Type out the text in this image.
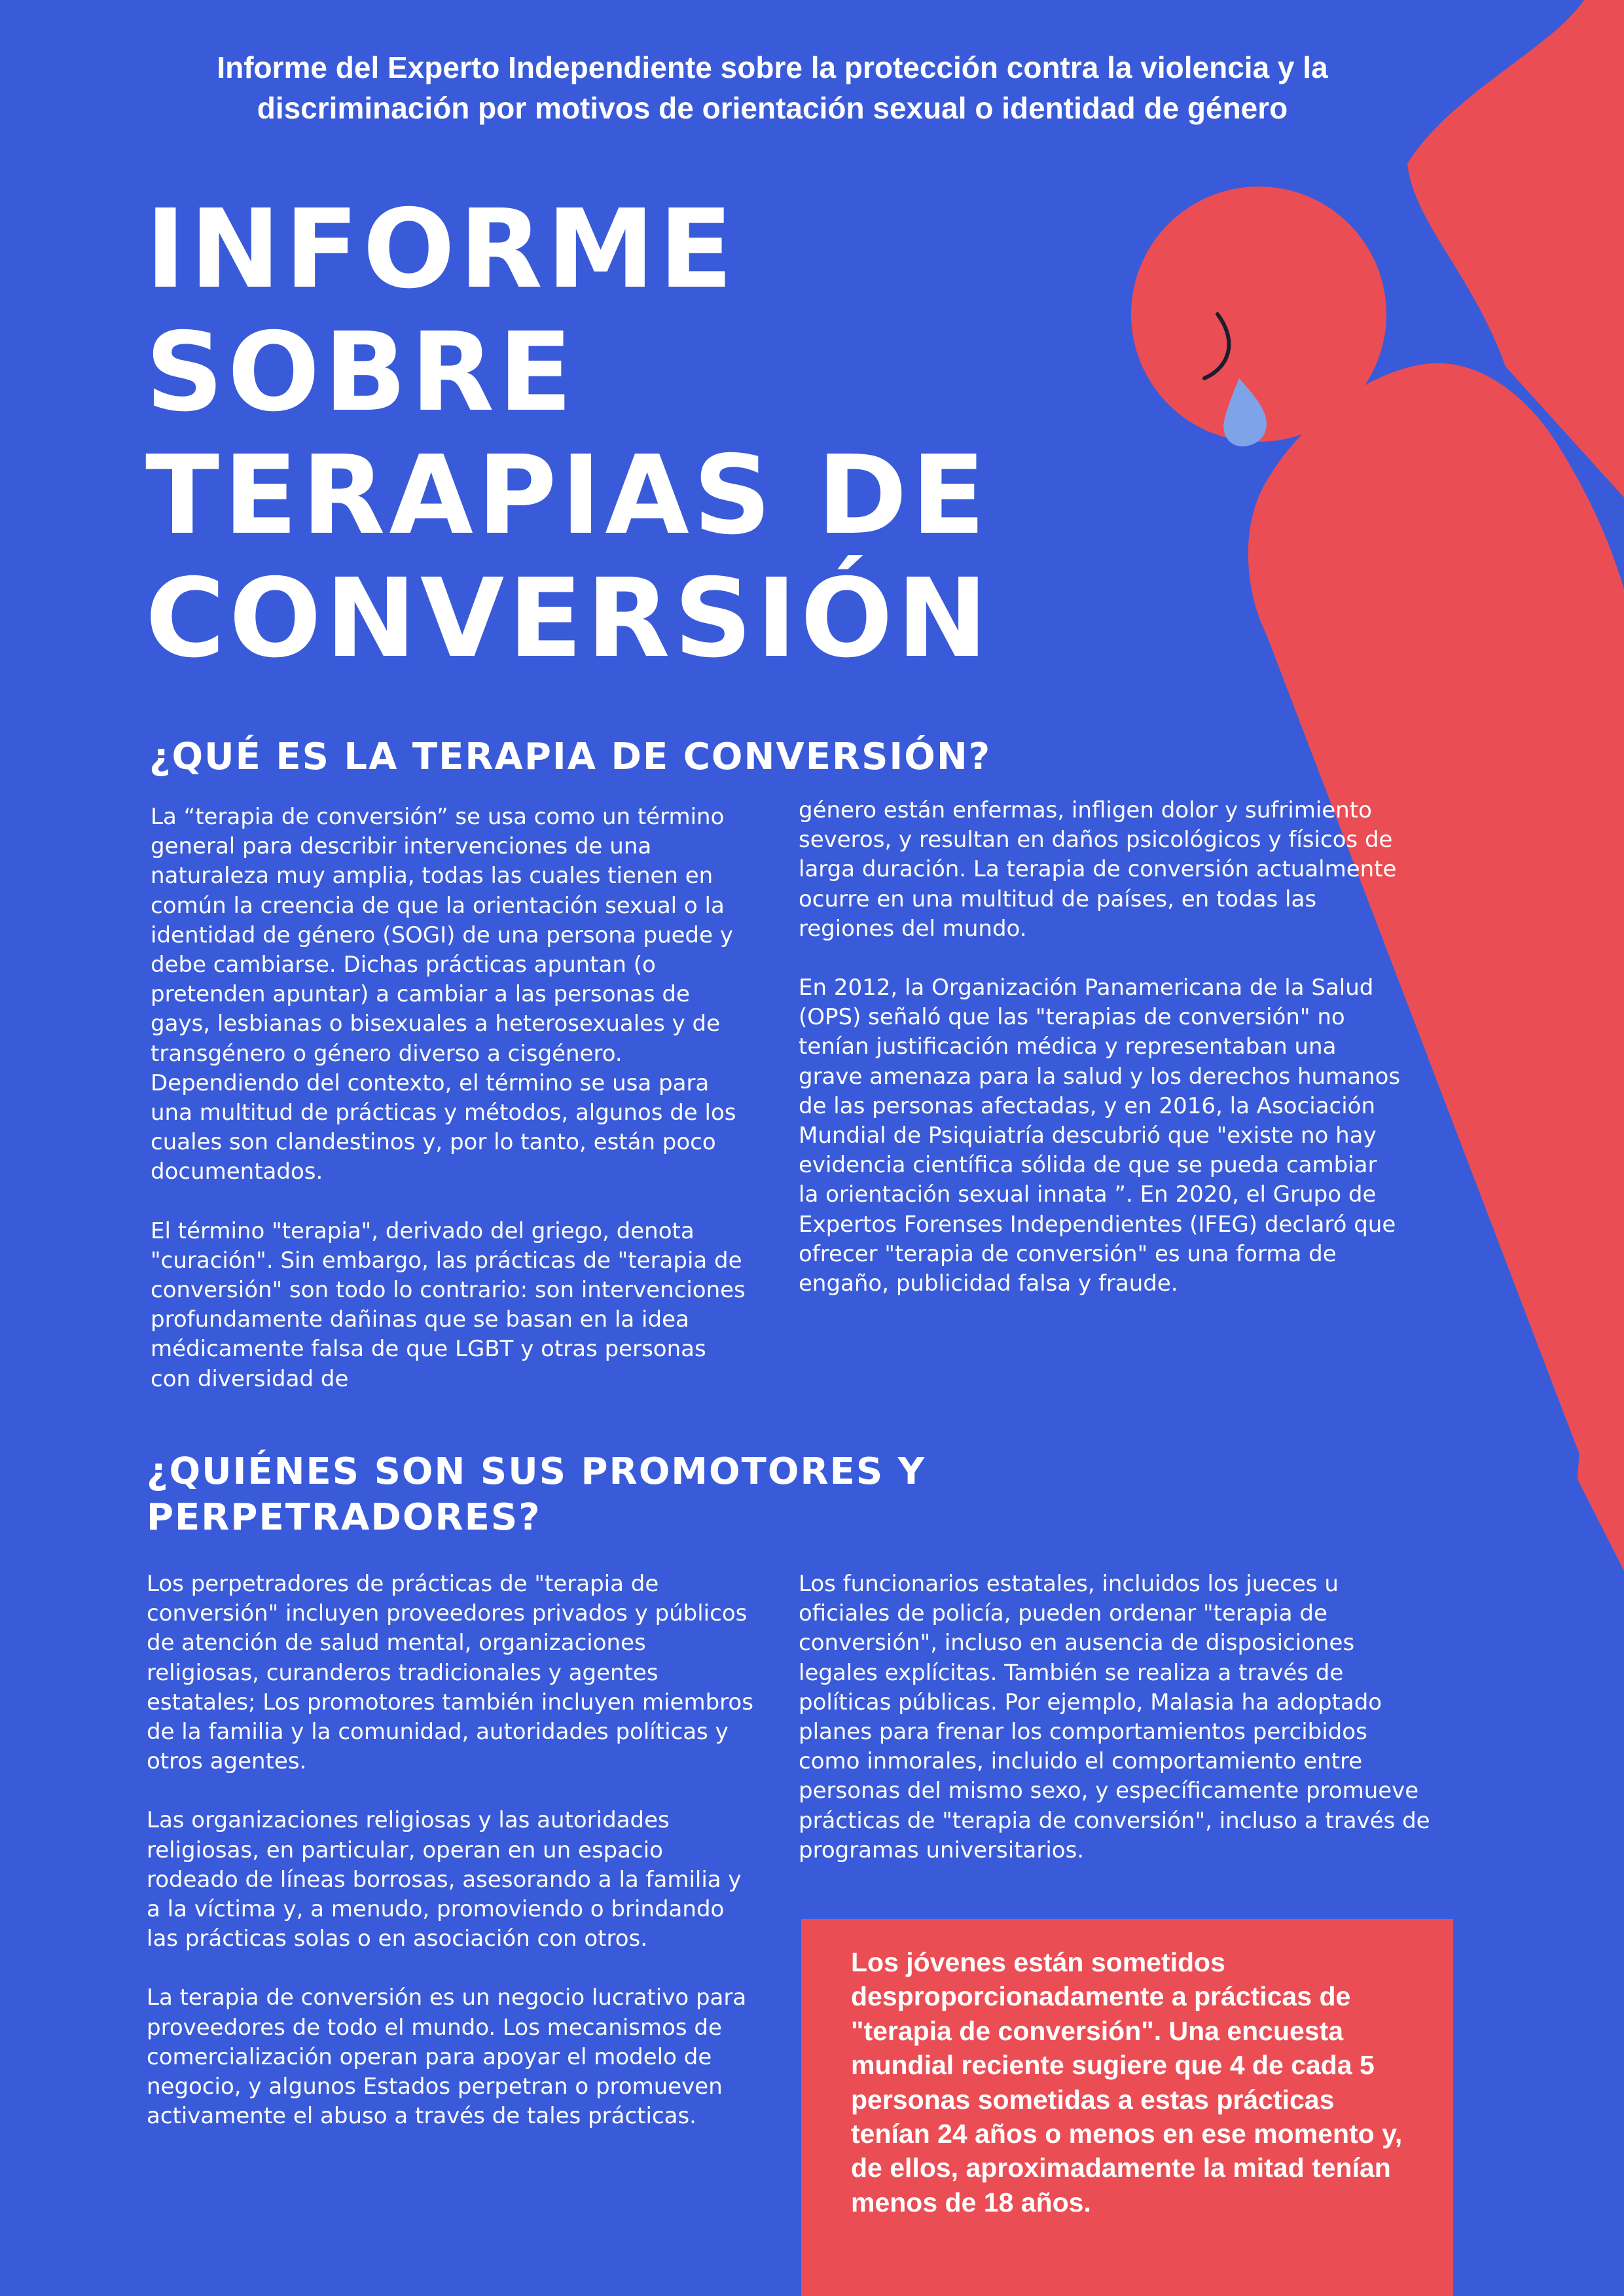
Informe del Experto Independiente sobre la protección contra la violencia y la
discriminación por motivos de orientación sexual o identidad de género
INFORME
SOBRE
TERAPIAS DE
CONVERSIÓN
¿QUÉ ES LA TERAPIA DE CONVERSIÓN?

La “terapia de conversión” se usa como un término general para describir intervenciones de una naturaleza muy amplia, todas las cuales tienen en común la creencia de que la orientación sexual o la identidad de género (SOGI) de una persona puede y debe cambiarse. Dichas prácticas apuntan (o pretenden apuntar) a cambiar a las personas de gays, lesbianas o bisexuales a heterosexuales y de transgénero o género diverso a cisgénero. Dependiendo del contexto, el término se usa para una multitud de prácticas y métodos, algunos de los cuales son clandestinos y, por lo tanto, están poco documentados.

El término "terapia", derivado del griego, denota "curación". Sin embargo, las prácticas de "terapia de conversión" son todo lo contrario: son intervenciones profundamente dañinas que se basan en la idea médicamente falsa de que LGBT y otras personas con diversidad de

género están enfermas, infligen dolor y sufrimiento severos, y resultan en daños psicológicos y físicos de larga duración. La terapia de conversión actualmente ocurre en una multitud de países, en todas las regiones del mundo.

En 2012, la Organización Panamericana de la Salud (OPS) señaló que las "terapias de conversión" no tenían justificación médica y representaban una grave amenaza para la salud y los derechos humanos de las personas afectadas, y en 2016, la Asociación Mundial de Psiquiatría descubrió que "existe no hay evidencia científica sólida de que se pueda cambiar la orientación sexual innata ”. En 2020, el Grupo de Expertos Forenses Independientes (IFEG) declaró que ofrecer "terapia de conversión" es una forma de engaño, publicidad falsa y fraude.

¿QUIÉNES SON SUS PROMOTORES Y
PERPETRADORES?

Los perpetradores de prácticas de "terapia de conversión" incluyen proveedores privados y públicos de atención de salud mental, organizaciones religiosas, curanderos tradicionales y agentes estatales; Los promotores también incluyen miembros de la familia y la comunidad, autoridades políticas y otros agentes.

Las organizaciones religiosas y las autoridades religiosas, en particular, operan en un espacio rodeado de líneas borrosas, asesorando a la familia y a la víctima y, a menudo, promoviendo o brindando las prácticas solas o en asociación con otros.

La terapia de conversión es un negocio lucrativo para proveedores de todo el mundo. Los mecanismos de comercialización operan para apoyar el modelo de negocio, y algunos Estados perpetran o promueven activamente el abuso a través de tales prácticas.

Los funcionarios estatales, incluidos los jueces u oficiales de policía, pueden ordenar "terapia de conversión", incluso en ausencia de disposiciones legales explícitas. También se realiza a través de políticas públicas. Por ejemplo, Malasia ha adoptado planes para frenar los comportamientos percibidos como inmorales, incluido el comportamiento entre personas del mismo sexo, y específicamente promueve prácticas de "terapia de conversión", incluso a través de programas universitarios.

Los jóvenes están sometidos desproporcionadamente a prácticas de "terapia de conversión". Una encuesta mundial reciente sugiere que 4 de cada 5 personas sometidas a estas prácticas tenían 24 años o menos en ese momento y, de ellos, aproximadamente la mitad tenían menos de 18 años.
